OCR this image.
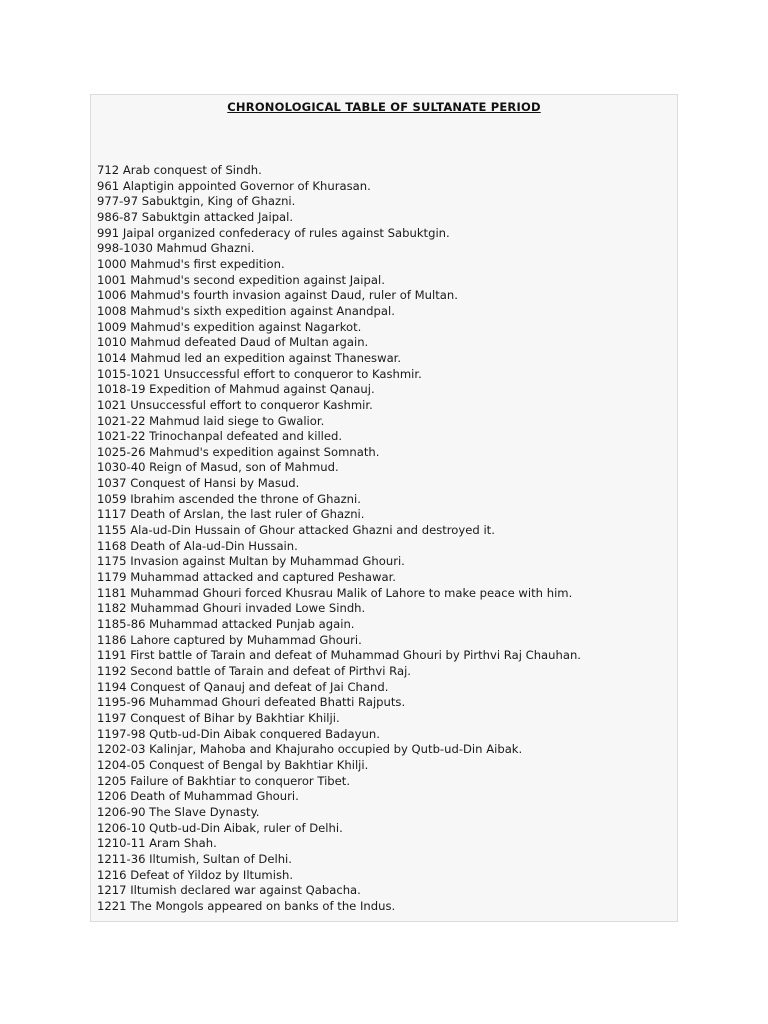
CHRONOLOGICAL TABLE OF SULTANATE PERIOD
712 Arab conquest of Sindh.
961 Alaptigin appointed Governor of Khurasan.
977-97 Sabuktgin, King of Ghazni.
986-87 Sabuktgin attacked Jaipal.
991 Jaipal organized confederacy of rules against Sabuktgin.
998-1030 Mahmud Ghazni.
1000 Mahmud's first expedition.
1001 Mahmud's second expedition against Jaipal.
1006 Mahmud's fourth invasion against Daud, ruler of Multan.
1008 Mahmud's sixth expedition against Anandpal.
1009 Mahmud's expedition against Nagarkot.
1010 Mahmud defeated Daud of Multan again.
1014 Mahmud led an expedition against Thaneswar.
1015-1021 Unsuccessful effort to conqueror to Kashmir.
1018-19 Expedition of Mahmud against Qanauj.
1021 Unsuccessful effort to conqueror Kashmir.
1021-22 Mahmud laid siege to Gwalior.
1021-22 Trinochanpal defeated and killed.
1025-26 Mahmud's expedition against Somnath.
1030-40 Reign of Masud, son of Mahmud.
1037 Conquest of Hansi by Masud.
1059 Ibrahim ascended the throne of Ghazni.
1117 Death of Arslan, the last ruler of Ghazni.
1155 Ala-ud-Din Hussain of Ghour attacked Ghazni and destroyed it.
1168 Death of Ala-ud-Din Hussain.
1175 Invasion against Multan by Muhammad Ghouri.
1179 Muhammad attacked and captured Peshawar.
1181 Muhammad Ghouri forced Khusrau Malik of Lahore to make peace with him.
1182 Muhammad Ghouri invaded Lowe Sindh.
1185-86 Muhammad attacked Punjab again.
1186 Lahore captured by Muhammad Ghouri.
1191 First battle of Tarain and defeat of Muhammad Ghouri by Pirthvi Raj Chauhan.
1192 Second battle of Tarain and defeat of Pirthvi Raj.
1194 Conquest of Qanauj and defeat of Jai Chand.
1195-96 Muhammad Ghouri defeated Bhatti Rajputs.
1197 Conquest of Bihar by Bakhtiar Khilji.
1197-98 Qutb-ud-Din Aibak conquered Badayun.
1202-03 Kalinjar, Mahoba and Khajuraho occupied by Qutb-ud-Din Aibak.
1204-05 Conquest of Bengal by Bakhtiar Khilji.
1205 Failure of Bakhtiar to conqueror Tibet.
1206 Death of Muhammad Ghouri.
1206-90 The Slave Dynasty.
1206-10 Qutb-ud-Din Aibak, ruler of Delhi.
1210-11 Aram Shah.
1211-36 Iltumish, Sultan of Delhi.
1216 Defeat of Yildoz by Iltumish.
1217 Iltumish declared war against Qabacha.
1221 The Mongols appeared on banks of the Indus.
